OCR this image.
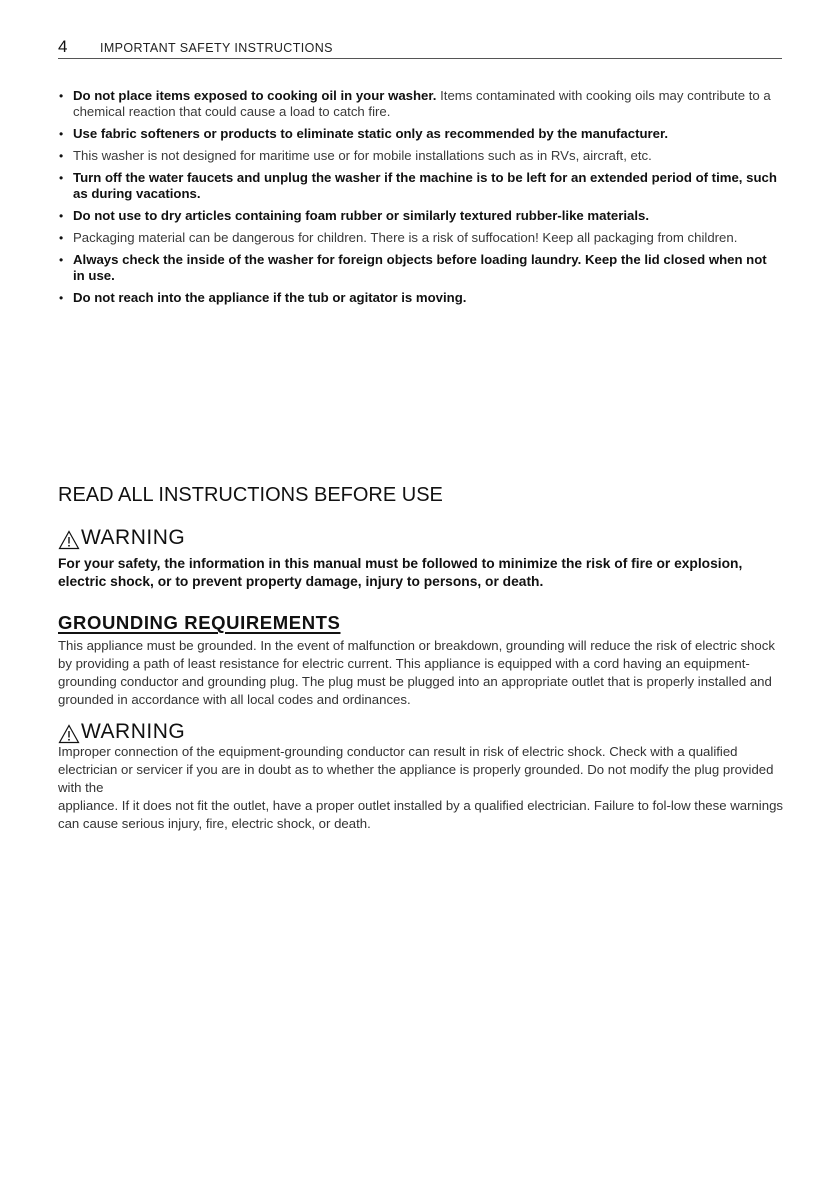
4	IMPORTANT SAFETY INSTRUCTIONS
• Do not place items exposed to cooking oil in your washer. Items contaminated with cooking oils may contribute to a chemical reaction that could cause a load to catch fire.
• Use fabric softeners or products to eliminate static only as recommended by the manufacturer.
• This washer is not designed for maritime use or for mobile installations such as in RVs, aircraft, etc.
• Turn off the water faucets and unplug the washer if the machine is to be left for an extended period of time, such as during vacations.
• Do not use to dry articles containing foam rubber or similarly textured rubber-like materials.
• Packaging material can be dangerous for children. There is a risk of suffocation! Keep all packaging from children.
• Always check the inside of the washer for foreign objects before loading laundry. Keep the lid closed when not in use.
• Do not reach into the appliance if the tub or agitator is moving.
READ ALL INSTRUCTIONS BEFORE USE
WARNING
For your safety, the information in this manual must be followed to minimize the risk of fire or explosion, electric shock, or to prevent property damage, injury to persons, or death.
GROUNDING REQUIREMENTS
This appliance must be grounded. In the event of malfunction or breakdown, grounding will reduce the risk of electric shock by providing a path of least resistance for electric current. This appliance is equipped with a cord having an equipment-grounding conductor and grounding plug. The plug must be plugged into an appropriate outlet that is properly installed and grounded in accordance with all local codes and ordinances.
WARNING

Improper connection of the equipment-grounding conductor can result in risk of electric shock. Check with a qualified electrician or servicer if you are in doubt as to whether the appliance is properly grounded. Do not modify the plug provided with the

appliance. If it does not fit the outlet, have a proper outlet installed by a qualified electrician. Failure to fol-low these warnings can cause serious injury, fire, electric shock, or death.
